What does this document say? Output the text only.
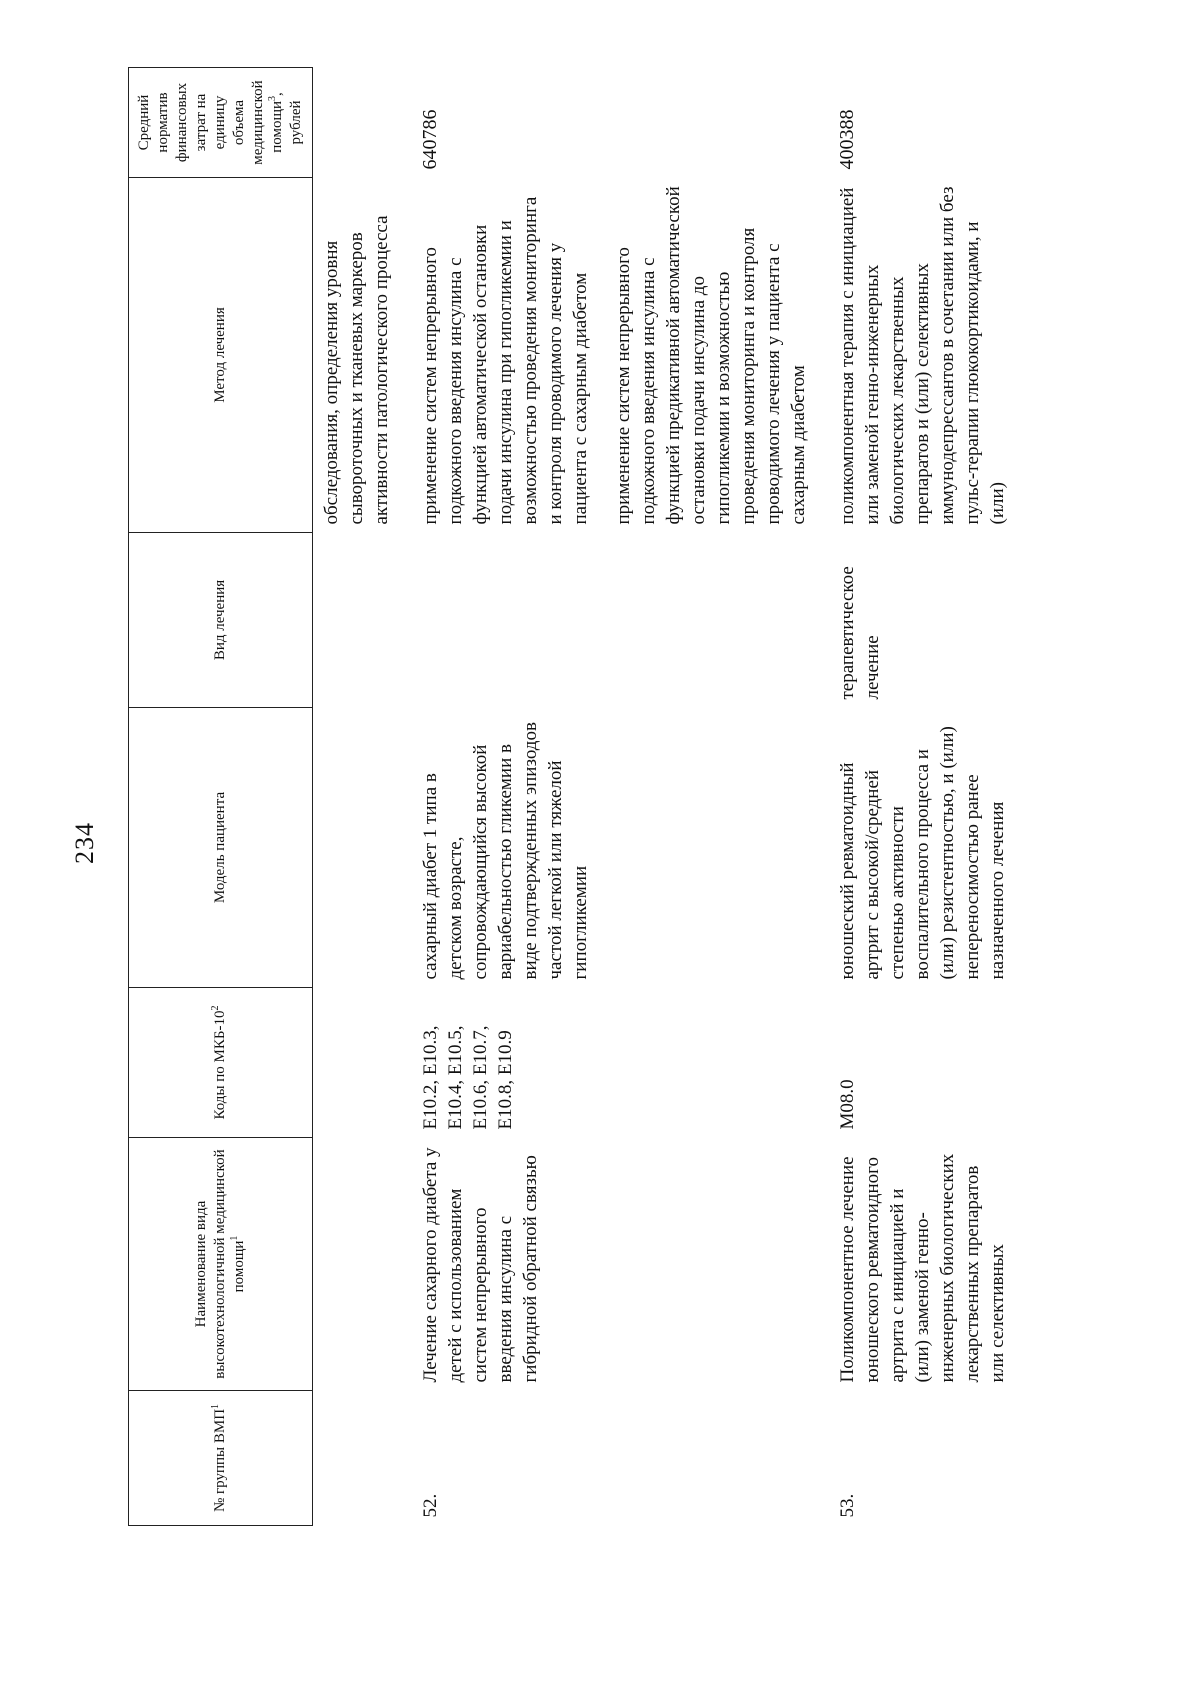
234
№ группы ВМП$^1$	Наименование вида высокотехнологичной медицинской помощи$^1$	Коды по МКБ-$10^2$	Модель пациента	Вид лечения	Метод лечения	Средний норматив финансовых затрат на единицу объема медицинской помощи$^3$, рублей

					обследования, определения уровня сывороточных и тканевых маркеров активности патологического процесса	

52.	Лечение сахарного диабета у детей с использованием систем непрерывного введения инсулина с гибридной обратной связью	E10.2, E10.3, E10.4, E10.5, E10.6, E10.7, E10.8, E10.9	сахарный диабет 1 типа в детском возрасте, сопровождающийся высокой вариабельностью гликемии в виде подтвержденных эпизодов частой легкой или тяжелой гипогликемии		применение систем непрерывного подкожного введения инсулина с функцией автоматической остановки подачи инсулина при гипогликемии и возможностью проведения мониторинга и контроля проводимого лечения у пациента с сахарным диабетом применение систем непрерывного подкожного введения инсулина с функцией предикативной автоматической остановки подачи инсулина до гипогликемии и возможностью проведения мониторинга и контроля проводимого лечения у пациента с сахарным диабетом	640786
53.	Поликомпонентное лечение юношеского ревматоидного артрита с инициацией и (или) заменой генно-инженерных биологических лекарственных препаратов или селективных	M08.0	юношеский ревматоидный артрит с высокой/средней степенью активности воспалительного процесса и (или) резистентностью, и (или) непереносимостью ранее назначенного лечения	терапевтическое лечение	поликомпонентная терапия с инициацией или заменой генно-инженерных биологических лекарственных препаратов и (или) селективных иммунодепрессантов в сочетании или без пульс-терапии глюкокортикоидами, и (или)	400388
